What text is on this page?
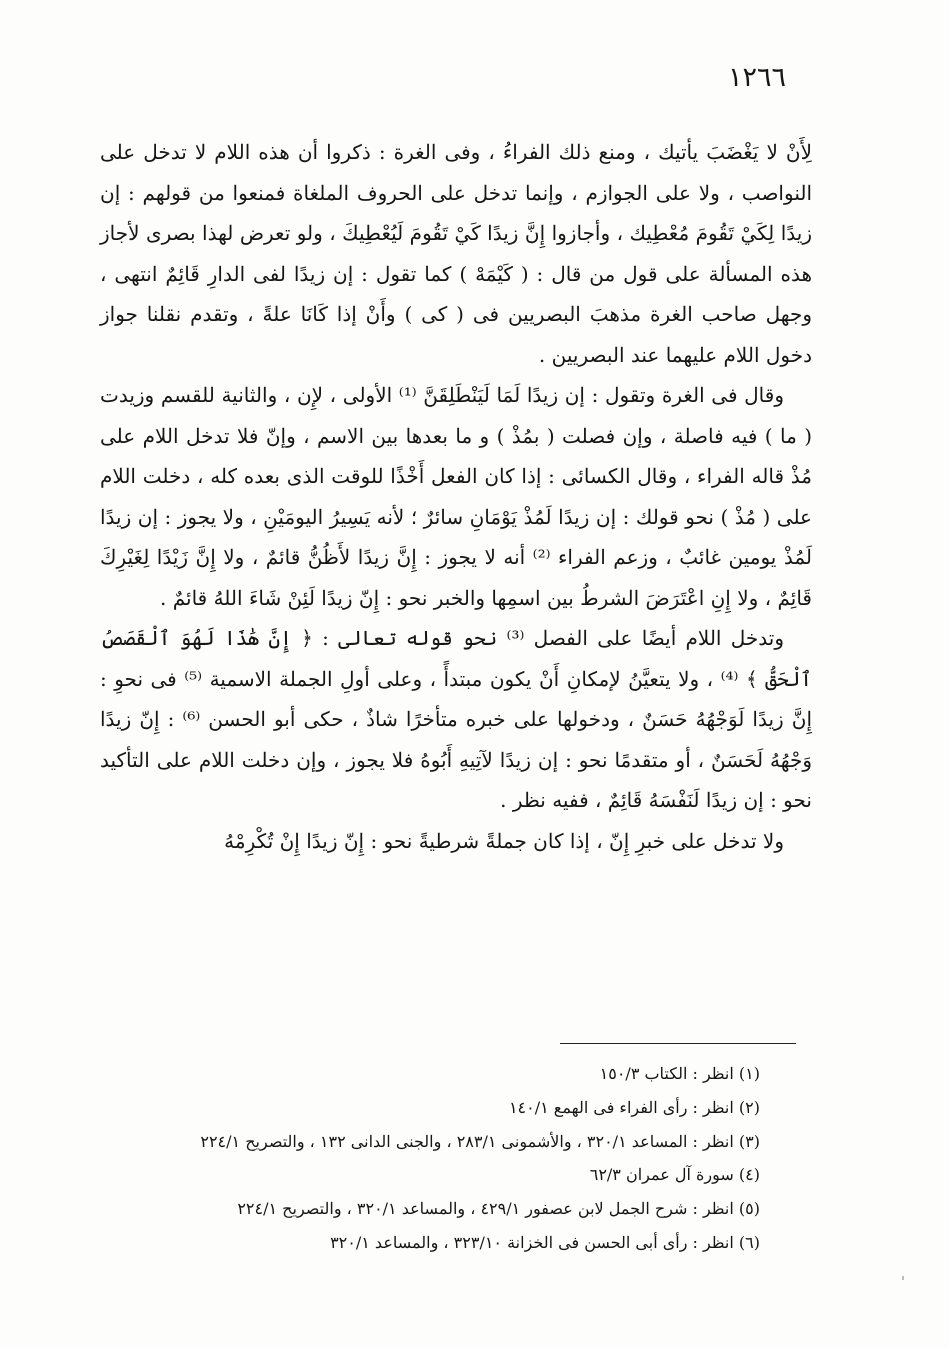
١٢٦٦

لِأَنْ لا يَغْضَبَ يأتيك ، ومنع ذلك الفراءُ ، وفى الغرة : ذكروا أن هذه اللام لا تدخل على النواصب ، ولا على الجوازم ، وإنما تدخل على الحروف الملغاة فمنعوا من قولهم : إن زيدًا لِكَيْ تَقُومَ مُعْطِيك ، وأجازوا إِنَّ زيدًا كَيْ تَقُومَ لَيُعْطِيكَ ، ولو تعرض لهذا بصرى لأجاز هذه المسألة على قول من قال : ( كَيْمَهْ ) كما تقول : إن زيدًا لفى الدارِ قَائِمٌ انتهى ، وجهل صاحب الغرة مذهبَ البصريين فى ( كى ) وأَنْ إذا كَانَا علةً ، وتقدم نقلنا جواز دخول اللام عليهما عند البصريين .

وقال فى الغرة وتقول : إن زيدًا لَمَا لَيَنْطَلِقَنَّ ⁽¹⁾ الأولى ، لإِن ، والثانية للقسم وزيدت ( ما ) فيه فاصلة ، وإن فصلت ( بمُذْ ) و ما بعدها بين الاسم ، وإنّ فلا تدخل اللام على مُذْ قاله الفراء ، وقال الكسائى : إذا كان الفعل أَخْذًا للوقت الذى بعده كله ، دخلت اللام على ( مُذْ ) نحو قولك : إن زيدًا لَمُذْ يَوْمَانِ سائرٌ ؛ لأنه يَسِيرُ اليومَيْنِ ، ولا يجوز : إن زيدًا لَمُذْ يومين غائبٌ ، وزعم الفراء ⁽²⁾ أنه لا يجوز : إِنَّ زيدًا لأَظُنُّ قائمٌ ، ولا إِنَّ زَيْدًا لِغَيْرِكَ قَائِمٌ ، ولا إِنِ اعْتَرَضَ الشرطُ بين اسمِها والخبر نحو : إِنّ زيدًا لَئِنْ شَاءَ اللهُ قائمٌ .

وتدخل اللام أيضًا على الفصل ⁽³⁾ نحو قوله تعالى : ﴿ إِنَّ هَٰذَا لَهُوَ ٱلْقَصَصُ ٱلْحَقُّ ﴾ ⁽⁴⁾ ، ولا يتعيَّنُ لإمكانِ أَنْ يكون مبتدأً ، وعلى أولِ الجملة الاسمية ⁽⁵⁾ فى نحوِ : إِنَّ زيدًا لَوَجْهُهُ حَسَنٌ ، ودخولها على خبره متأخرًا شاذٌ ، حكى أبو الحسن ⁽⁶⁾ : إِنّ زيدًا وَجْهُهُ لَحَسَنٌ ، أو متقدمًا نحو : إن زيدًا لآتِيهِ أَبُوهُ فلا يجوز ، وإن دخلت اللام على التأكيد نحو : إن زيدًا لَنَفْسَهُ قَائِمٌ ، ففيه نظر .

ولا تدخل على خبرِ إِنّ ، إذا كان جملةً شرطيةً نحو : إِنّ زيدًا إِنْ تُكْرِمْهُ

(١) انظر : الكتاب ١٥٠/٣

(٢) انظر : رأى الفراء فى الهمع ١٤٠/١

(٣) انظر : المساعد ٣٢٠/١ ، والأشمونى ٢٨٣/١ ، والجنى الدانى ١٣٢ ، والتصريح ٢٢٤/١

(٤) سورة آل عمران ٦٢/٣

(٥) انظر : شرح الجمل لابن عصفور ٤٢٩/١ ، والمساعد ٣٢٠/١ ، والتصريح ٢٢٤/١

(٦) انظر : رأى أبى الحسن فى الخزانة ٣٢٣/١٠ ، والمساعد ٣٢٠/١
